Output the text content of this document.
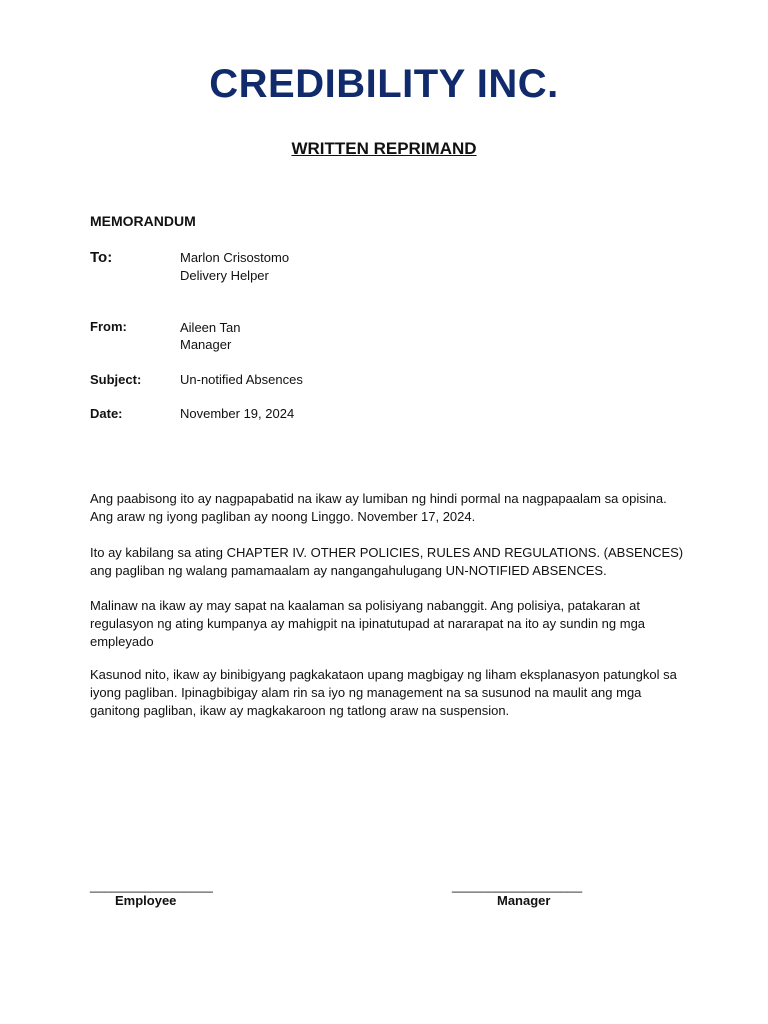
CREDIBILITY INC.
WRITTEN REPRIMAND
MEMORANDUM
To:	Marlon Crisostomo
Delivery Helper
From:	Aileen Tan
Manager
Subject:	Un-notified Absences
Date:	November 19, 2024

Ang paabisong ito ay nagpapabatid na ikaw ay lumiban ng hindi pormal na nagpapaalam sa opisina. Ang araw ng iyong pagliban ay noong Linggo. November 17, 2024.

Ito ay kabilang sa ating CHAPTER IV. OTHER POLICIES, RULES AND REGULATIONS. (ABSENCES) ang pagliban ng walang pamamaalam ay nangangahulugang UN-NOTIFIED ABSENCES.

Malinaw na ikaw ay may sapat na kaalaman sa polisiyang nabanggit. Ang polisiya, patakaran at regulasyon ng ating kumpanya ay mahigpit na ipinatutupad at nararapat na ito ay sundin ng mga empleyado

Kasunod nito, ikaw ay binibigyang pagkakataon upang magbigay ng liham eksplanasyon patungkol sa iyong pagliban. Ipinagbibigay alam rin sa iyo ng management na sa susunod na maulit ang mga ganitong pagliban, ikaw ay magkakaroon ng tatlong araw na suspension.

_________________
Employee
__________________
Manager
